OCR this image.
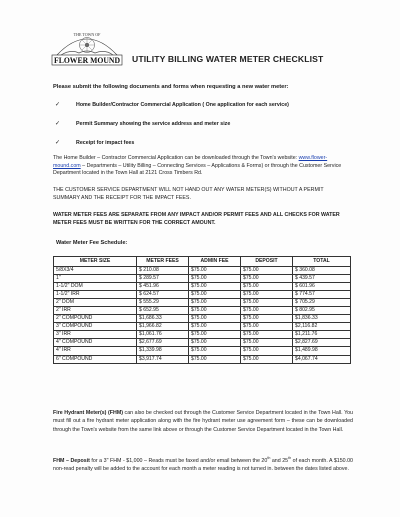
THE TOWN OF
FLOWER MOUND UTILITY BILLING WATER METER CHECKLIST
Please submit the following documents and forms when requesting a new water meter:
✓	Home Builder/Contractor Commercial Application ( One application for each service)
✓	Permit Summary showing the service address and meter size
✓	Receipt for impact fees
The Home Builder – Contractor Commercial Application can be downloaded through the Town's website: www.flower-mound.com – Departments – Utility Billing – Connecting Services – Applications & Forms) or through the Customer Service Department located in the Town Hall at 2121 Cross Timbers Rd.
THE CUSTOMER SERVICE DEPARTMENT WILL NOT HAND OUT ANY WATER METER(S) WITHOUT A PERMIT SUMMARY AND THE RECEIPT FOR THE IMPACT FEES.
WATER METER FEES ARE SEPARATE FROM ANY IMPACT AND/OR PERMIT FEES AND ALL CHECKS FOR WATER METER FEES MUST BE WRITTEN FOR THE CORRECT AMOUNT.
Water Meter Fee Schedule:
METER SIZE	METER FEES	ADMIN FEE	DEPOSIT	TOTAL
5/8X3/4	$ 210.08	$75.00	$75.00	$ 360.08
1"	$ 289.57	$75.00	$75.00	$ 439.57
1-1/2" DOM	$ 451.96	$75.00	$75.00	$ 601.96
1-1/2" IRR	$ 624.57	$75.00	$75.00	$ 774.57
2" DOM	$ 555.29	$75.00	$75.00	$ 705.29
2" IRR	$ 652.95	$75.00	$75.00	$ 802.95
2" COMPOUND	$1,686.33	$75.00	$75.00	$1,836.33
3" COMPOUND	$1,966.82	$75.00	$75.00	$2,116.82
3" IRR	$1,061.76	$75.00	$75.00	$1,211.76
4" COMPOUND	$2,677.69	$75.00	$75.00	$2,827.69
4" IRR	$1,339.98	$75.00	$75.00	$1,489.98
6" COMPOUND	$3,917.74	$75.00	$75.00	$4,067.74
Fire Hydrant Meter(s) (FHM) can also be checked out through the Customer Service Department located in the Town Hall. You must fill out a fire hydrant meter application along with the fire hydrant meter use agreement form – these can be downloaded through the Town's website from the same link above or through the Customer Service Department located in the Town Hall.
FHM – Deposit for a 3" FHM - $1,000 – Reads must be faxed and/or email between the 20th and 25th of each month. A $150.00 non-read penalty will be added to the account for each month a meter reading is not turned in. between the dates listed above.
